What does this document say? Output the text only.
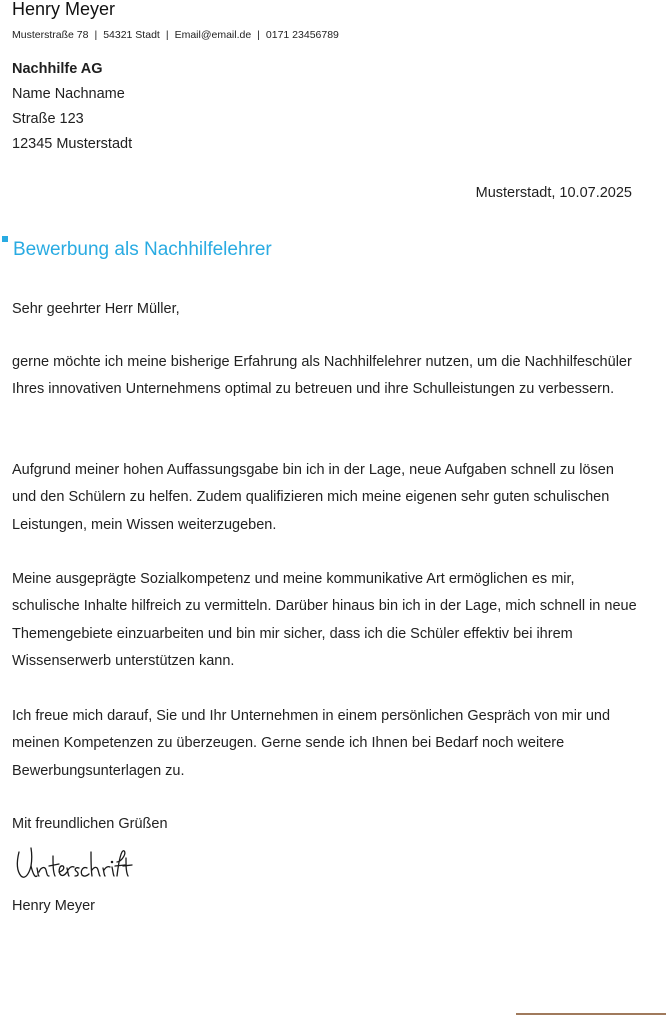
Henry Meyer
Musterstraße 78 | 54321 Stadt | Email@email.de | 0171 23456789
Nachhilfe AG
Name Nachname
Straße 123
12345 Musterstadt
Musterstadt, 10.07.2025
Bewerbung als Nachhilfelehrer
Sehr geehrter Herr Müller,
gerne möchte ich meine bisherige Erfahrung als Nachhilfelehrer nutzen, um die Nachhilfeschüler Ihres innovativen Unternehmens optimal zu betreuen und ihre Schulleistungen zu verbessern.
Aufgrund meiner hohen Auffassungsgabe bin ich in der Lage, neue Aufgaben schnell zu lösen und den Schülern zu helfen. Zudem qualifizieren mich meine eigenen sehr guten schulischen Leistungen, mein Wissen weiterzugeben.
Meine ausgeprägte Sozialkompetenz und meine kommunikative Art ermöglichen es mir, schulische Inhalte hilfreich zu vermitteln. Darüber hinaus bin ich in der Lage, mich schnell in neue Themengebiete einzuarbeiten und bin mir sicher, dass ich die Schüler effektiv bei ihrem Wissenserwerb unterstützen kann.
Ich freue mich darauf, Sie und Ihr Unternehmen in einem persönlichen Gespräch von mir und meinen Kompetenzen zu überzeugen. Gerne sende ich Ihnen bei Bedarf noch weitere Bewerbungsunterlagen zu.
Mit freundlichen Grüßen
Henry Meyer
